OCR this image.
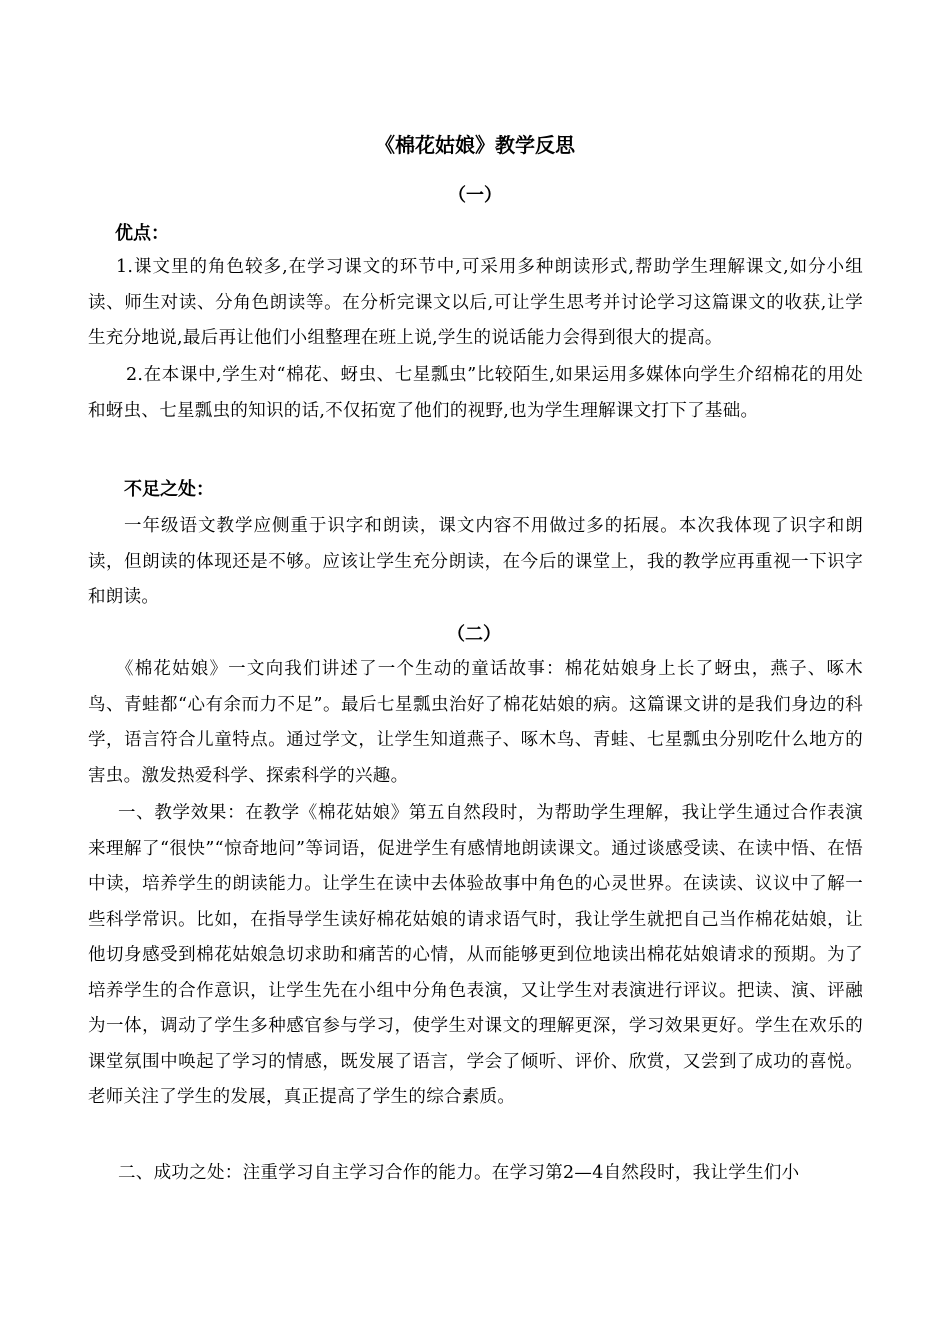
《棉花姑娘》教学反思
（一）
优点：
1.课文里的角色较多,在学习课文的环节中,可采用多种朗读形式,帮助学生理解课文,如分小组读、师生对读、分角色朗读等。在分析完课文以后,可让学生思考并讨论学习这篇课文的收获,让学生充分地说,最后再让他们小组整理在班上说,学生的说话能力会得到很大的提高。
2.在本课中,学生对“棉花、蚜虫、七星瓢虫”比较陌生,如果运用多媒体向学生介绍棉花的用处和蚜虫、七星瓢虫的知识的话,不仅拓宽了他们的视野,也为学生理解课文打下了基础。
不足之处：
一年级语文教学应侧重于识字和朗读，课文内容不用做过多的拓展。本次我体现了识字和朗读，但朗读的体现还是不够。应该让学生充分朗读，在今后的课堂上，我的教学应再重视一下识字和朗读。
（二）
《棉花姑娘》一文向我们讲述了一个生动的童话故事：棉花姑娘身上长了蚜虫，燕子、啄木鸟、青蛙都“心有余而力不足”。最后七星瓢虫治好了棉花姑娘的病。这篇课文讲的是我们身边的科学，语言符合儿童特点。通过学文，让学生知道燕子、啄木鸟、青蛙、七星瓢虫分别吃什么地方的害虫。激发热爱科学、探索科学的兴趣。
一、教学效果：在教学《棉花姑娘》第五自然段时，为帮助学生理解，我让学生通过合作表演来理解了“很快”“惊奇地问”等词语，促进学生有感情地朗读课文。通过谈感受读、在读中悟、在悟中读，培养学生的朗读能力。让学生在读中去体验故事中角色的心灵世界。在读读、议议中了解一些科学常识。比如，在指导学生读好棉花姑娘的请求语气时，我让学生就把自己当作棉花姑娘，让他切身感受到棉花姑娘急切求助和痛苦的心情，从而能够更到位地读出棉花姑娘请求的预期。为了培养学生的合作意识，让学生先在小组中分角色表演，又让学生对表演进行评议。把读、演、评融为一体，调动了学生多种感官参与学习，使学生对课文的理解更深，学习效果更好。学生在欢乐的课堂氛围中唤起了学习的情感，既发展了语言，学会了倾听、评价、欣赏，又尝到了成功的喜悦。老师关注了学生的发展，真正提高了学生的综合素质。
二、成功之处：注重学习自主学习合作的能力。在学习第2—4自然段时，我让学生们小
